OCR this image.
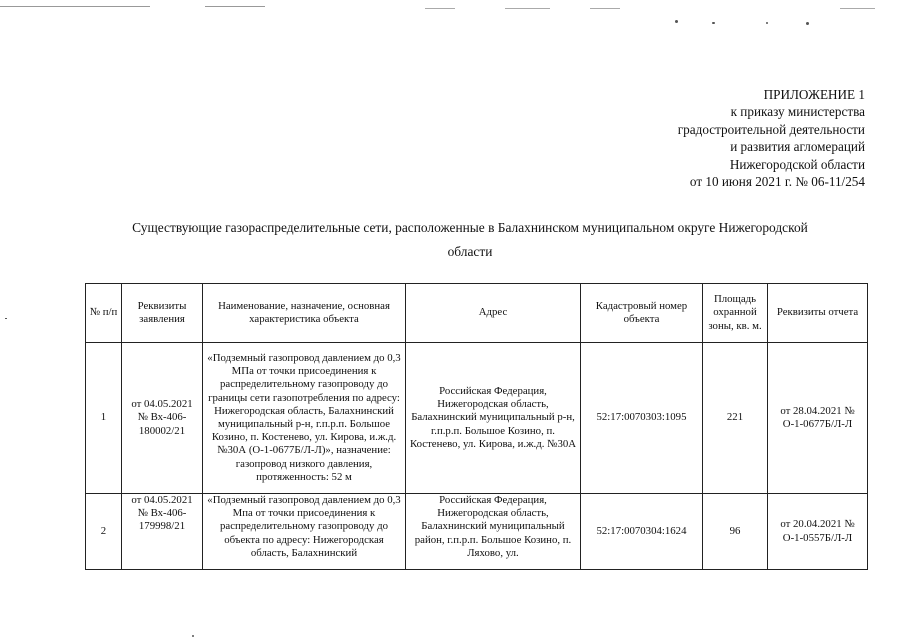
ПРИЛОЖЕНИЕ 1
к приказу министерства
градостроительной деятельности
и развития агломераций
Нижегородской области
от 10 июня 2021 г. № 06-11/254
Существующие газораспределительные сети, расположенные в Балахнинском муниципальном округе Нижегородской
области
№ п/п	Реквизиты заявления	Наименование, назначение, основная характеристика объекта	Адрес	Кадастровый номер объекта	Площадь охранной зоны, кв. м.	Реквизиты отчета
1	от 04.05.2021 № Вх-406-180002/21	«Подземный газопровод давлением до 0,3 МПа от точки присоединения к распределительному газопроводу до границы сети газопотребления по адресу: Нижегородская область, Балахнинский муниципальный р-н, г.п.р.п. Большое Козино, п. Костенево, ул. Кирова, и.ж.д. №30А (О-1-0677Б/Л-Л)», назначение: газопровод низкого давления, протяженность: 52 м	Российская Федерация, Нижегородская область, Балахнинский муниципальный р-н, г.п.р.п. Большое Козино, п. Костенево, ул. Кирова, и.ж.д. №30А	52:17:0070303:1095	221	от 28.04.2021 № О-1-0677Б/Л-Л
2	от 04.05.2021 № Вх-406-179998/21	«Подземный газопровод давлением до 0,3 Мпа от точки присоединения к распределительному газопроводу до объекта по адресу: Нижегородская область, Балахнинский	Российская Федерация, Нижегородская область, Балахнинский муниципальный район, г.п.р.п. Большое Козино, п. Ляхово, ул.	52:17:0070304:1624	96	от 20.04.2021 № О-1-0557Б/Л-Л
